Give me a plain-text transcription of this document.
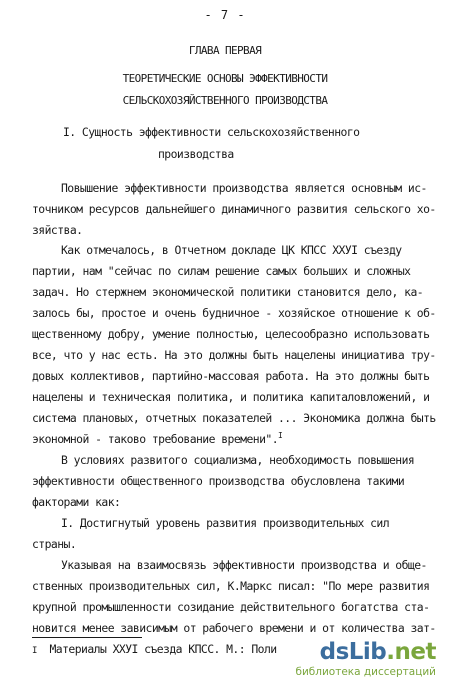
- 7 -
ГЛАВА ПЕРВАЯ
ТЕОРЕТИЧЕСКИЕ ОСНОВЫ ЭФФЕКТИВНОСТИ
СЕЛЬСКОХОЗЯЙСТВЕННОГО ПРОИЗВОДСТВА
I. Сущность эффективности сельскохозяйственного
производства
Повышение эффективности производства является основным ис-
точником ресурсов дальнейшего динамичного развития сельского хо-
зяйства.
Как отмечалось, в Отчетном докладе ЦК КПСС ХХУI съезду
партии, нам "сейчас по силам решение самых больших и сложных
задач. Но стержнем экономической политики становится дело, ка-
залось бы, простое и очень будничное - хозяйское отношение к об-
щественному добру, умение полностью, целесообразно использовать
все, что у нас есть. На это должны быть нацелены инициатива тру-
довых коллективов, партийно-массовая работа. На это должны быть
нацелены и техническая политика, и политика капиталовложений, и
система плановых, отчетных показателей ... Экономика должна быть
экономной - таково требование времени".$^I$
В условиях развитого социализма, необходимость повышения
эффективности общественного производства обусловлена такими
факторами как:
I. Достигнутый уровень развития производительных сил
страны.
Указывая на взаимосвязь эффективности производства и обще-
ственных производительных сил, К.Маркс писал: "По мере развития
крупной промышленности созидание действительного богатства ста-
новится менее зависимым от рабочего времени и от количества зат-
I Материалы ХХУI съезда КПСС. М.: Поли dsLib.net
библиотека диссертаций
